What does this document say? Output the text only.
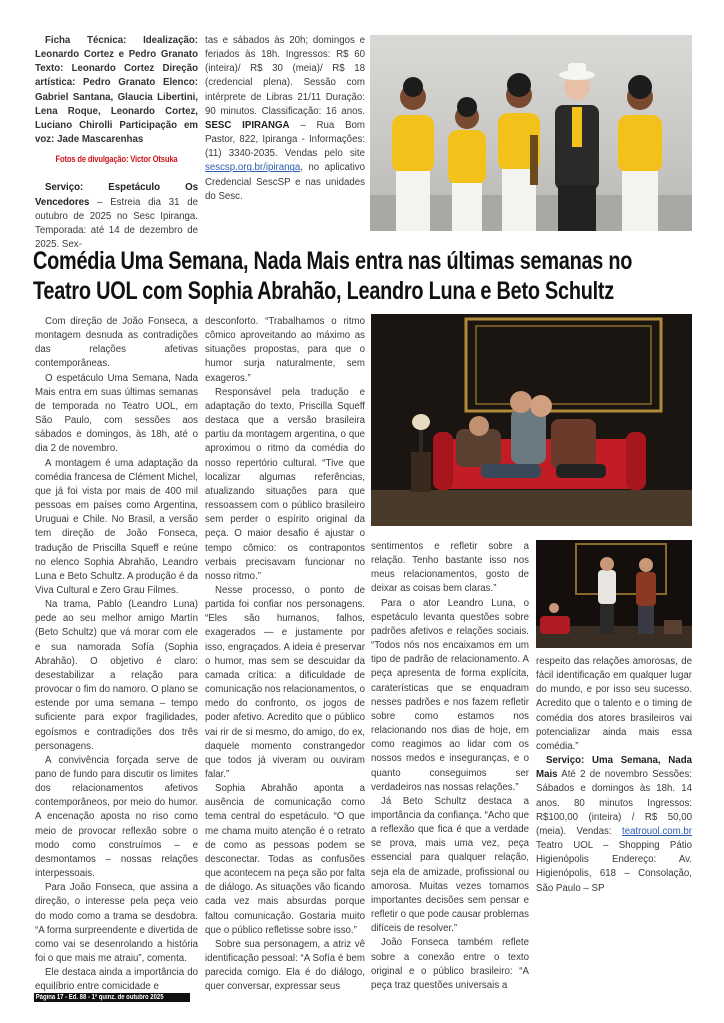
Ficha Técnica: Idealização: Leonardo Cortez e Pedro Granato Texto: Leonardo Cortez Direção artística: Pedro Granato Elenco: Gabriel Santana, Glaucia Libertini, Lena Roque, Leonardo Cortez, Luciano Chirolli Participação em voz: Jade Mascarenhas

Fotos de divulgação: Victor Otsuka

Serviço: Espetáculo Os Vencedores – Estreia dia 31 de outubro de 2025 no Sesc Ipiranga. Temporada: até 14 de dezembro de 2025. Sex-

tas e sábados às 20h; domingos e feriados às 18h. Ingressos: R$ 60 (inteira)/ R$ 30 (meia)/ R$ 18 (credencial plena). Sessão com intérprete de Libras 21/11 Duração: 90 minutos. Classificação: 16 anos. SESC IPIRANGA – Rua Bom Pastor, 822, Ipiranga - Informações: (11) 3340-2035. Vendas pelo site sescsp.org.br/ipiranga, no aplicativo Credencial SescSP e nas unidades do Sesc.

Comédia Uma Semana, Nada Mais entra nas últimas semanas no Teatro UOL com Sophia Abrahão, Leandro Luna e Beto Schultz

Com direção de João Fonseca, a montagem desnuda as contradições das relações afetivas contemporâneas.

O espetáculo Uma Semana, Nada Mais entra em suas últimas semanas de temporada no Teatro UOL, em São Paulo, com sessões aos sábados e domingos, às 18h, até o dia 2 de novembro.

A montagem é uma adaptação da comédia francesa de Clément Michel, que já foi vista por mais de 400 mil pessoas em países como Argentina, Uruguai e Chile. No Brasil, a versão tem direção de João Fonseca, tradução de Priscilla Squeff e reúne no elenco Sophia Abrahão, Leandro Luna e Beto Schultz. A produção é da Viva Cultural e Zero Grau Filmes.

Na trama, Pablo (Leandro Luna) pede ao seu melhor amigo Martín (Beto Schultz) que vá morar com ele e sua namorada Sofía (Sophia Abrahão). O objetivo é claro: desestabilizar a relação para provocar o fim do namoro. O plano se estende por uma semana – tempo suficiente para expor fragilidades, egoísmos e contradições dos três personagens.

A convivência forçada serve de pano de fundo para discutir os limites dos relacionamentos afetivos contemporâneos, por meio do humor. A encenação aposta no riso como meio de provocar reflexão sobre o modo como construímos – e desmontamos – nossas relações interpessoais.

Para João Fonseca, que assina a direção, o interesse pela peça veio do modo como a trama se desdobra. “A forma surpreendente e divertida de como vai se desenrolando a história foi o que mais me atraiu”, comenta.

Ele destaca ainda a importância do equilíbrio entre comicidade e

desconforto. “Trabalhamos o ritmo cômico aproveitando ao máximo as situações propostas, para que o humor surja naturalmente, sem exageros.”

Responsável pela tradução e adaptação do texto, Priscilla Squeff destaca que a versão brasileira partiu da montagem argentina, o que aproximou o ritmo da comédia do nosso repertório cultural. “Tive que localizar algumas referências, atualizando situações para que ressoassem com o público brasileiro sem perder o espírito original da peça. O maior desafio é ajustar o tempo cômico: os contrapontos verbais precisavam funcionar no nosso ritmo.”

Nesse processo, o ponto de partida foi confiar nos personagens. “Eles são humanos, falhos, exagerados — e justamente por isso, engraçados. A ideia é preservar o humor, mas sem se descuidar da camada crítica: a dificuldade de comunicação nos relacionamentos, o medo do confronto, os jogos de poder afetivo. Acredito que o público vai rir de si mesmo, do amigo, do ex, daquele momento constrangedor que todos já viveram ou ouviram falar.”

Sophia Abrahão aponta a ausência de comunicação como tema central do espetáculo. “O que me chama muito atenção é o retrato de como as pessoas podem se desconectar. Todas as confusões que acontecem na peça são por falta de diálogo. As situações vão ficando cada vez mais absurdas porque faltou comunicação. Gostaria muito que o público refletisse sobre isso.”

Sobre sua personagem, a atriz vê identificação pessoal: “A Sofía é bem parecida comigo. Ela é do diálogo, quer conversar, expressar seus

sentimentos e refletir sobre a relação. Tenho bastante isso nos meus relacionamentos, gosto de deixar as coisas bem claras.”

Para o ator Leandro Luna, o espetáculo levanta questões sobre padrões afetivos e relações sociais. “Todos nós nos encaixamos em um tipo de padrão de relacionamento. A peça apresenta de forma explícita, caraterísticas que se enquadram nesses padrões e nos fazem refletir sobre como estamos nos relacionando nos dias de hoje, em como reagimos ao lidar com os nossos medos e inseguranças, e o quanto conseguimos ser verdadeiros nas nossas relações.”

Já Beto Schultz destaca a importância da confiança. “Acho que a reflexão que fica é que a verdade se prova, mais uma vez, peça essencial para qualquer relação, seja ela de amizade, profissional ou amorosa. Muitas vezes tomamos importantes decisões sem pensar e refletir o que pode causar problemas difíceis de resolver.”

João Fonseca também reflete sobre a conexão entre o texto original e o público brasileiro: “A peça traz questões universais a

respeito das relações amorosas, de fácil identificação em qualquer lugar do mundo, e por isso seu sucesso. Acredito que o talento e o timing de comédia dos atores brasileiros vai potencializar ainda mais essa comédia.”

Serviço: Uma Semana, Nada Mais Até 2 de novembro Sessões: Sábados e domingos às 18h. 14 anos. 80 minutos Ingressos: R$100,00 (inteira) / R$ 50,00 (meia). Vendas: teatrouol.com.br Teatro UOL – Shopping Pátio Higienópolis Endereço: Av. Higienópolis, 618 – Consolação, São Paulo – SP

Página 17 - Ed. 88 - 1ª quinz. de outubro 2025
